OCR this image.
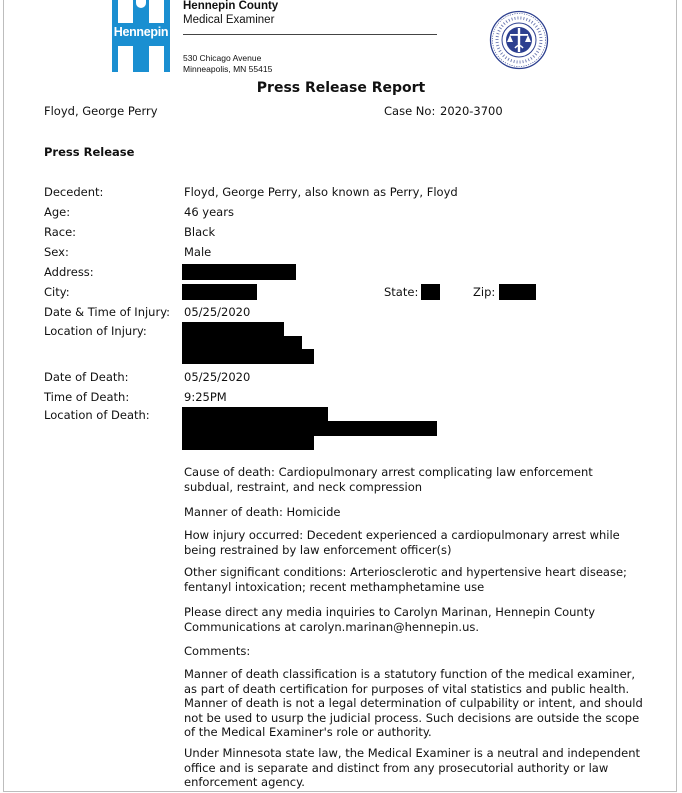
Hennepin
Hennepin County
Medical Examiner
530 Chicago Avenue
Minneapolis, MN 55415
Press Release Report
Floyd, George Perry	Case No: 2020-3700
Press Release
Decedent:	Floyd, George Perry, also known as Perry, Floyd
Age:	46 years
Race:	Black
Sex:	Male
Address:
City:	State:	Zip:
Date & Time of Injury: 05/25/2020
Location of Injury:
Date of Death:	05/25/2020
Time of Death:	9:25PM
Location of Death:
Cause of death: Cardiopulmonary arrest complicating law enforcement subdual, restraint, and neck compression
Manner of death: Homicide
How injury occurred: Decedent experienced a cardiopulmonary arrest while being restrained by law enforcement officer(s)
Other significant conditions: Arteriosclerotic and hypertensive heart disease; fentanyl intoxication; recent methamphetamine use
Please direct any media inquiries to Carolyn Marinan, Hennepin County Communications at carolyn.marinan@hennepin.us.
Comments:
Manner of death classification is a statutory function of the medical examiner, as part of death certification for purposes of vital statistics and public health. Manner of death is not a legal determination of culpability or intent, and should not be used to usurp the judicial process. Such decisions are outside the scope of the Medical Examiner's role or authority.
Under Minnesota state law, the Medical Examiner is a neutral and independent office and is separate and distinct from any prosecutorial authority or law enforcement agency.
